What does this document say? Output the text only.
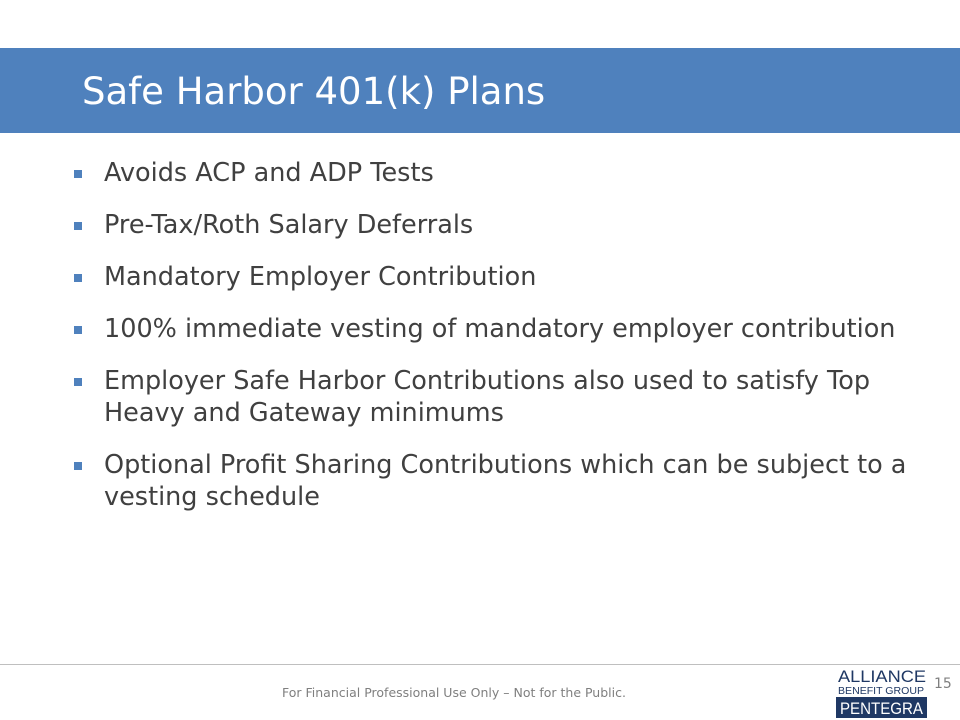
Safe Harbor 401(k) Plans
Avoids ACP and ADP Tests
Pre-Tax/Roth Salary Deferrals
Mandatory Employer Contribution
100% immediate vesting of mandatory employer contribution
Employer Safe Harbor Contributions also used to satisfy Top Heavy and Gateway minimums
Optional Profit Sharing Contributions which can be subject to a vesting schedule
For Financial Professional Use Only – Not for the Public.
ALLIANCE
BENEFIT GROUP
PENTEGRA
15
